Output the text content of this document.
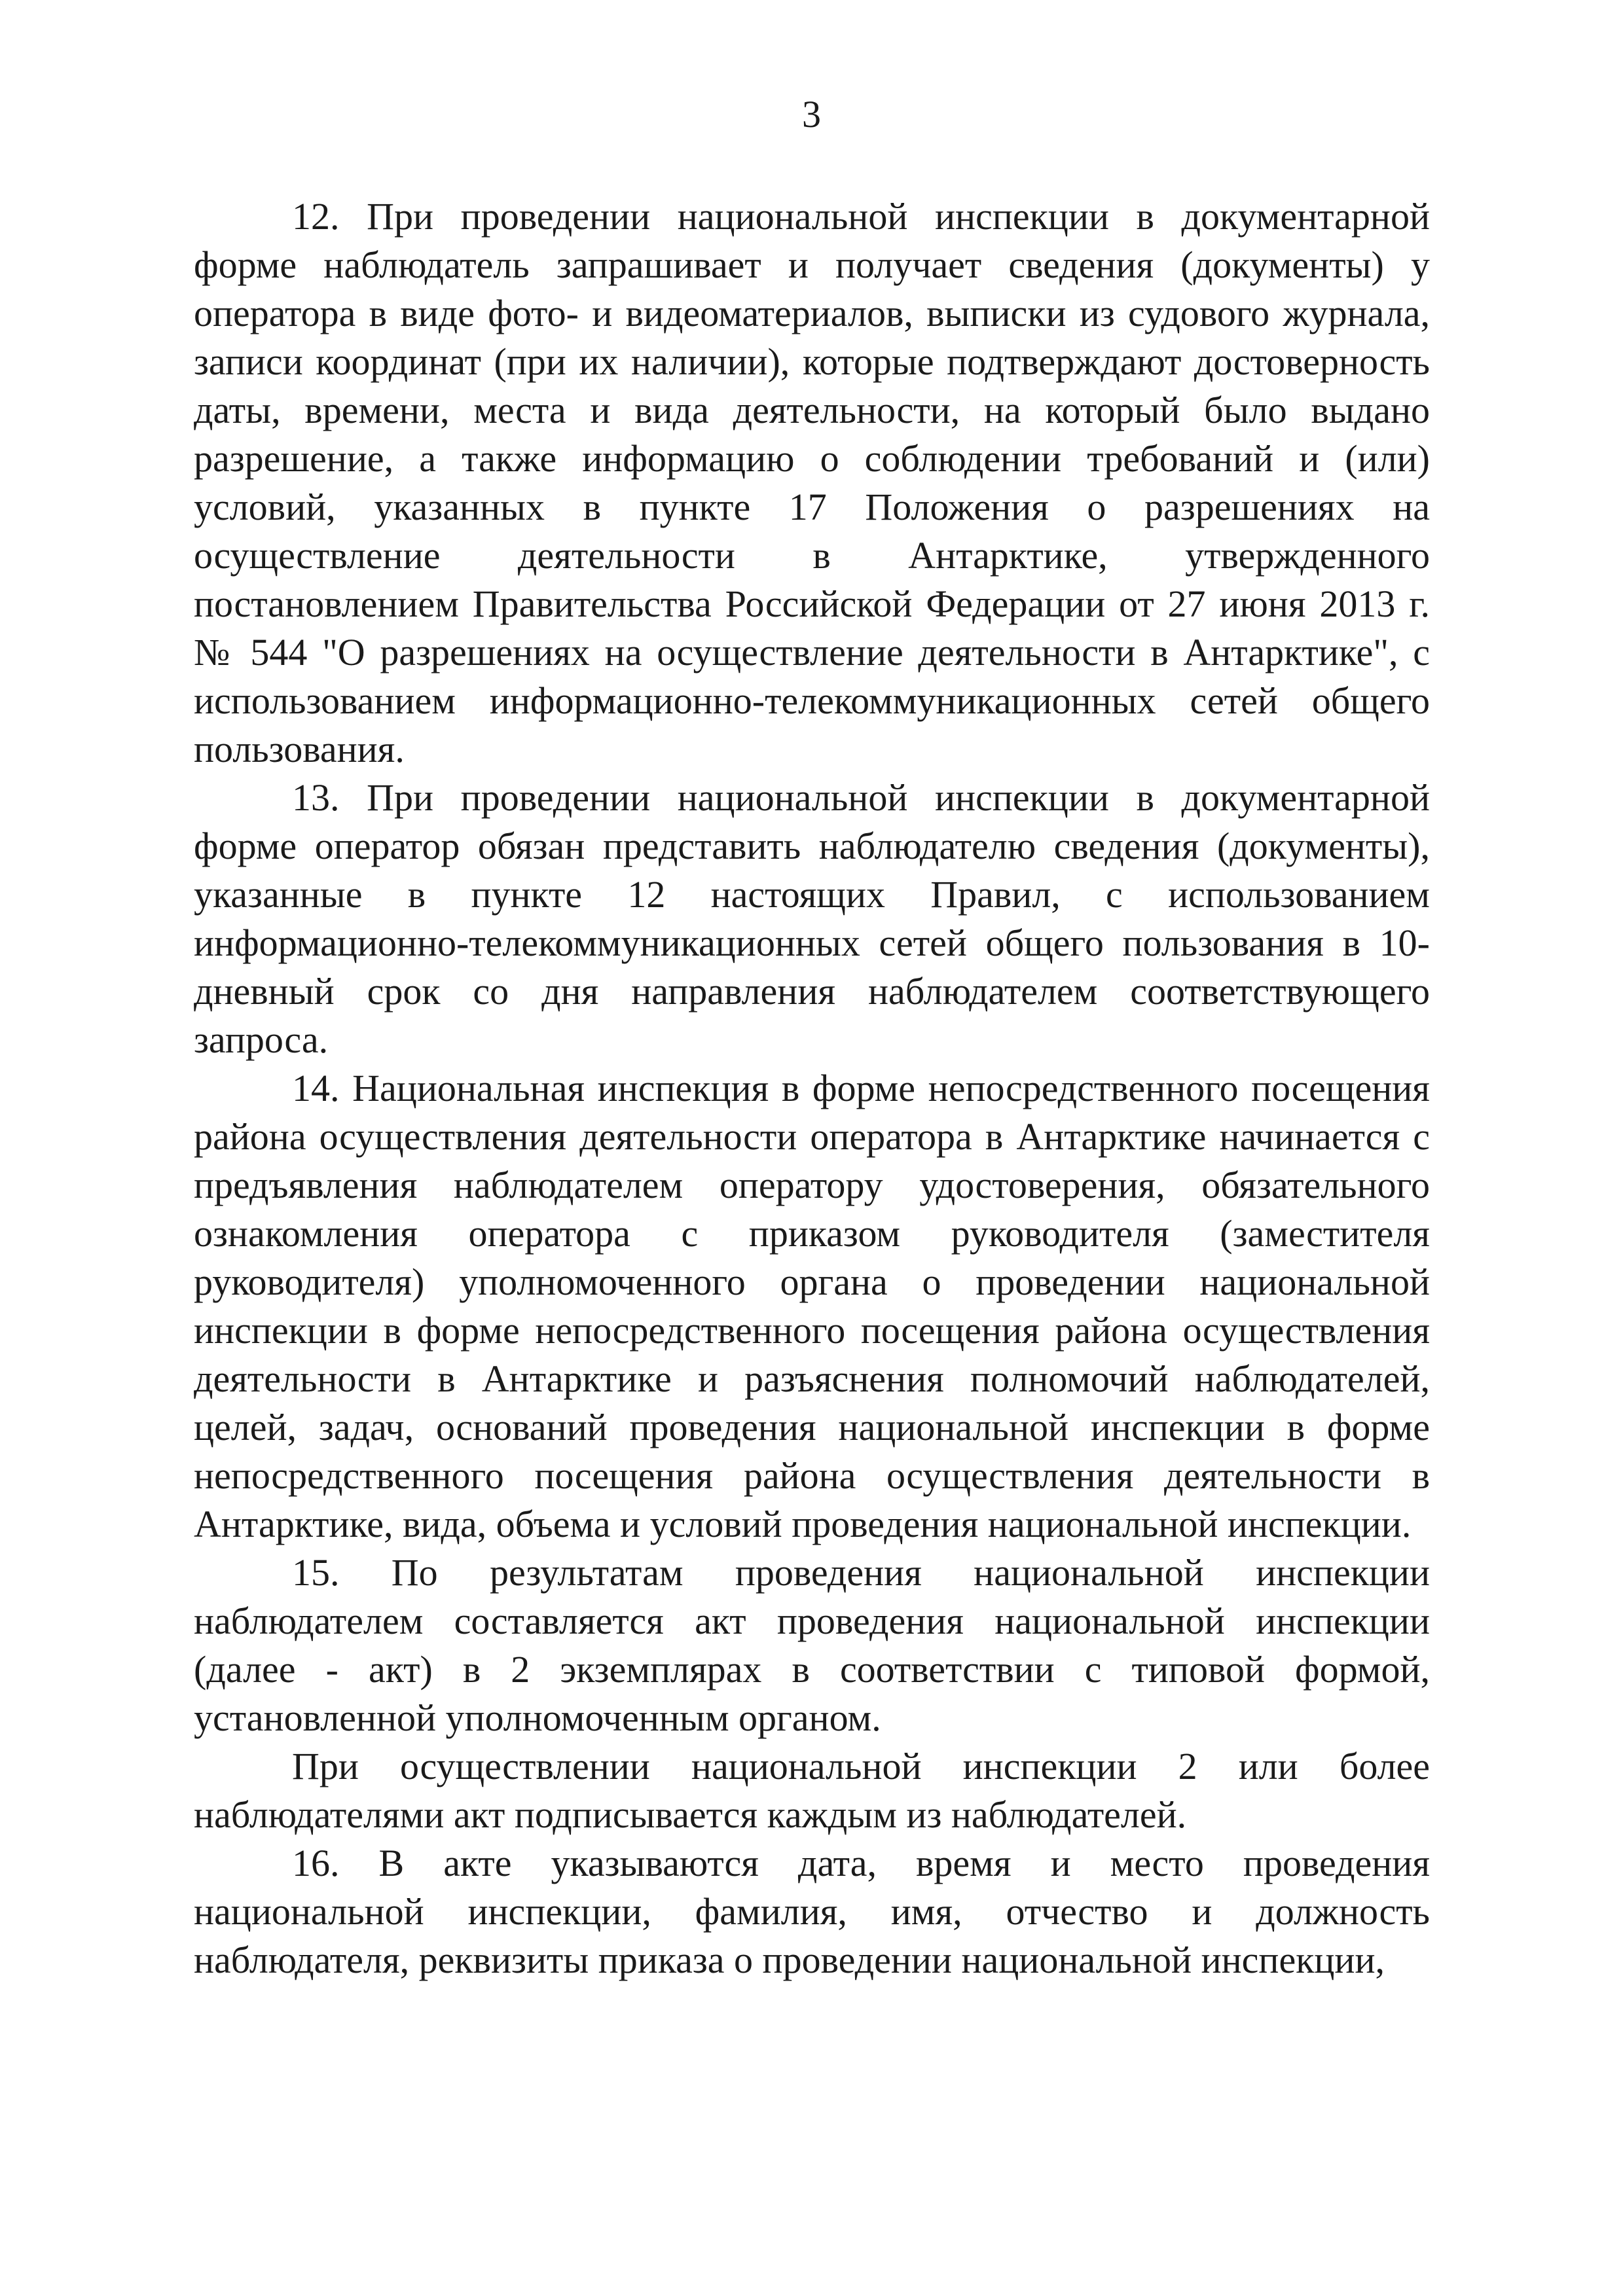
3

12. При проведении национальной инспекции в документарной форме наблюдатель запрашивает и получает сведения (документы) у оператора в виде фото- и видеоматериалов, выписки из судового журнала, записи координат (при их наличии), которые подтверждают достоверность даты, времени, места и вида деятельности, на который было выдано разрешение, а также информацию о соблюдении требований и (или) условий, указанных в пункте 17 Положения о разрешениях на осуществление деятельности в Антарктике, утвержденного постановлением Правительства Российской Федерации от 27 июня 2013 г. № 544 "О разрешениях на осуществление деятельности в Антарктике", с использованием информационно-телекоммуникационных сетей общего пользования.

13. При проведении национальной инспекции в документарной форме оператор обязан представить наблюдателю сведения (документы), указанные в пункте 12 настоящих Правил, с использованием информационно-телекоммуникационных сетей общего пользования в 10-дневный срок со дня направления наблюдателем соответствующего запроса.

14. Национальная инспекция в форме непосредственного посещения района осуществления деятельности оператора в Антарктике начинается с предъявления наблюдателем оператору удостоверения, обязательного ознакомления оператора с приказом руководителя (заместителя руководителя) уполномоченного органа о проведении национальной инспекции в форме непосредственного посещения района осуществления деятельности в Антарктике и разъяснения полномочий наблюдателей, целей, задач, оснований проведения национальной инспекции в форме непосредственного посещения района осуществления деятельности в Антарктике, вида, объема и условий проведения национальной инспекции.

15. По результатам проведения национальной инспекции наблюдателем составляется акт проведения национальной инспекции (далее - акт) в 2 экземплярах в соответствии с типовой формой, установленной уполномоченным органом.

При осуществлении национальной инспекции 2 или более наблюдателями акт подписывается каждым из наблюдателей.

16. В акте указываются дата, время и место проведения национальной инспекции, фамилия, имя, отчество и должность наблюдателя, реквизиты приказа о проведении национальной инспекции,
